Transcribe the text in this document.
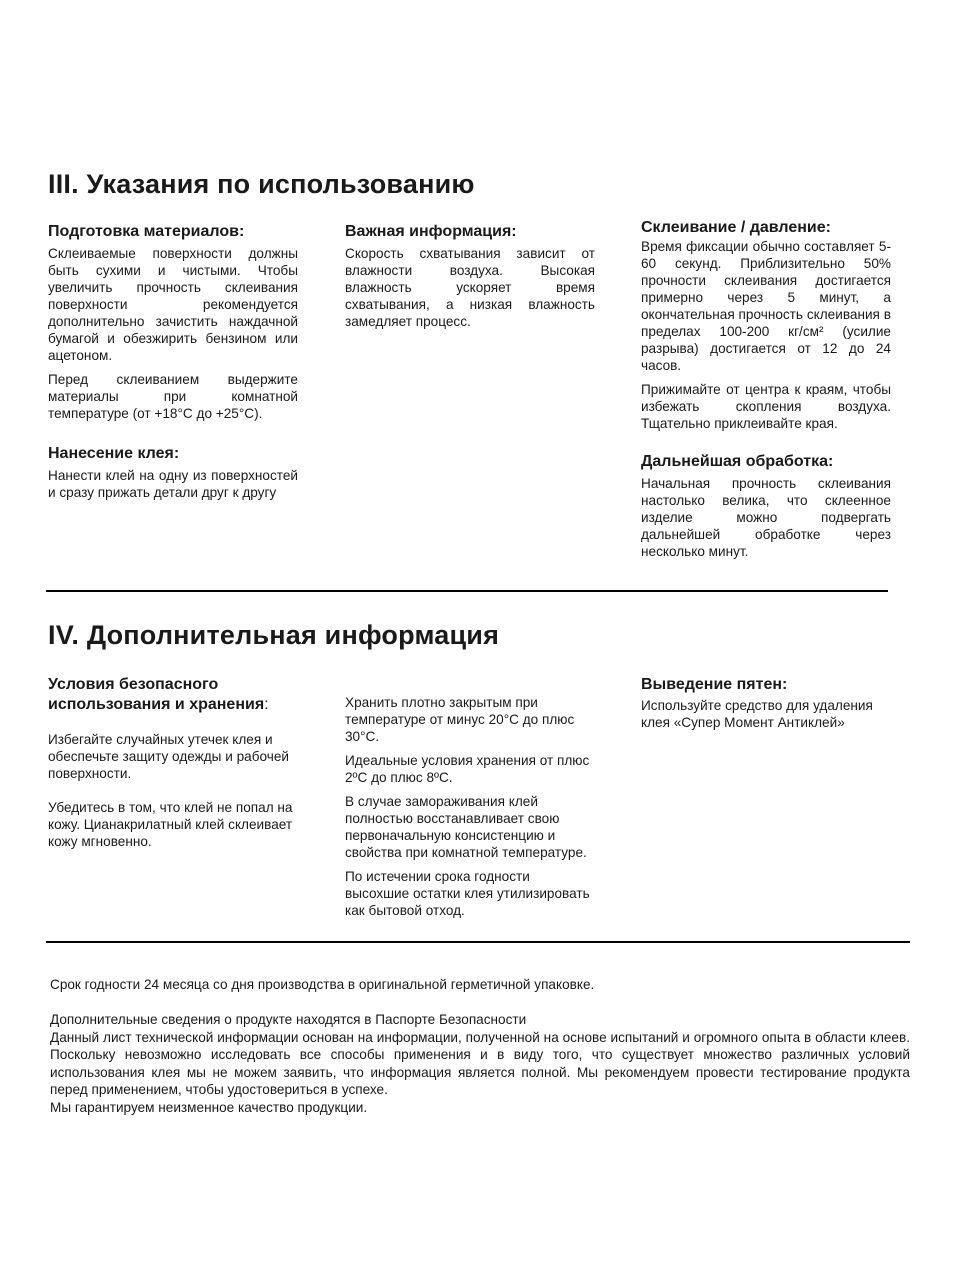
III. Указания по использованию
Подготовка материалов:

Склеиваемые поверхности должны быть сухими и чистыми. Чтобы увеличить прочность склеивания поверхности рекомендуется дополнительно зачистить наждачной бумагой и обезжирить бензином или ацетоном.

Перед склеиванием выдержите материалы при комнатной температуре (от +18°С до +25°С).

Нанесение клея:

Нанести клей на одну из поверхностей и сразу прижать детали друг к другу

Важная информация:

Скорость схватывания зависит от влажности воздуха. Высокая влажность ускоряет время схватывания, а низкая влажность замедляет процесс.

Склеивание / давление:

Время фиксации обычно составляет 5-60 секунд. Приблизительно 50% прочности склеивания достигается примерно через 5 минут, а окончательная прочность склеивания в пределах 100-200 кг/см² (усилие разрыва) достигается от 12 до 24 часов.

Прижимайте от центра к краям, чтобы избежать скопления воздуха. Тщательно приклеивайте края.

Дальнейшая обработка:

Начальная прочность склеивания настолько велика, что склеенное изделие можно подвергать дальнейшей обработке через несколько минут.

IV. Дополнительная информация
Условия безопасного использования и хранения:

Избегайте случайных утечек клея и обеспечьте защиту одежды и рабочей поверхности.

Убедитесь в том, что клей не попал на кожу. Цианакрилатный клей склеивает кожу мгновенно.

Хранить плотно закрытым при температуре от минус 20°С до плюс 30°С.

Идеальные условия хранения от плюс 2ºС до плюс 8ºС.

В случае замораживания клей полностью восстанавливает свою первоначальную консистенцию и свойства при комнатной температуре.

По истечении срока годности высохшие остатки клея утилизировать как бытовой отход.

Выведение пятен:

Используйте средство для удаления клея «Супер Момент Антиклей»

Срок годности 24 месяца со дня производства в оригинальной герметичной упаковке.

Дополнительные сведения о продукте находятся в Паспорте Безопасности

Данный лист технической информации основан на информации, полученной на основе испытаний и огромного опыта в области клеев. Поскольку невозможно исследовать все способы применения и в виду того, что существует множество различных условий использования клея мы не можем заявить, что информация является полной. Мы рекомендуем провести тестирование продукта перед применением, чтобы удостовериться в успехе.

Мы гарантируем неизменное качество продукции.
